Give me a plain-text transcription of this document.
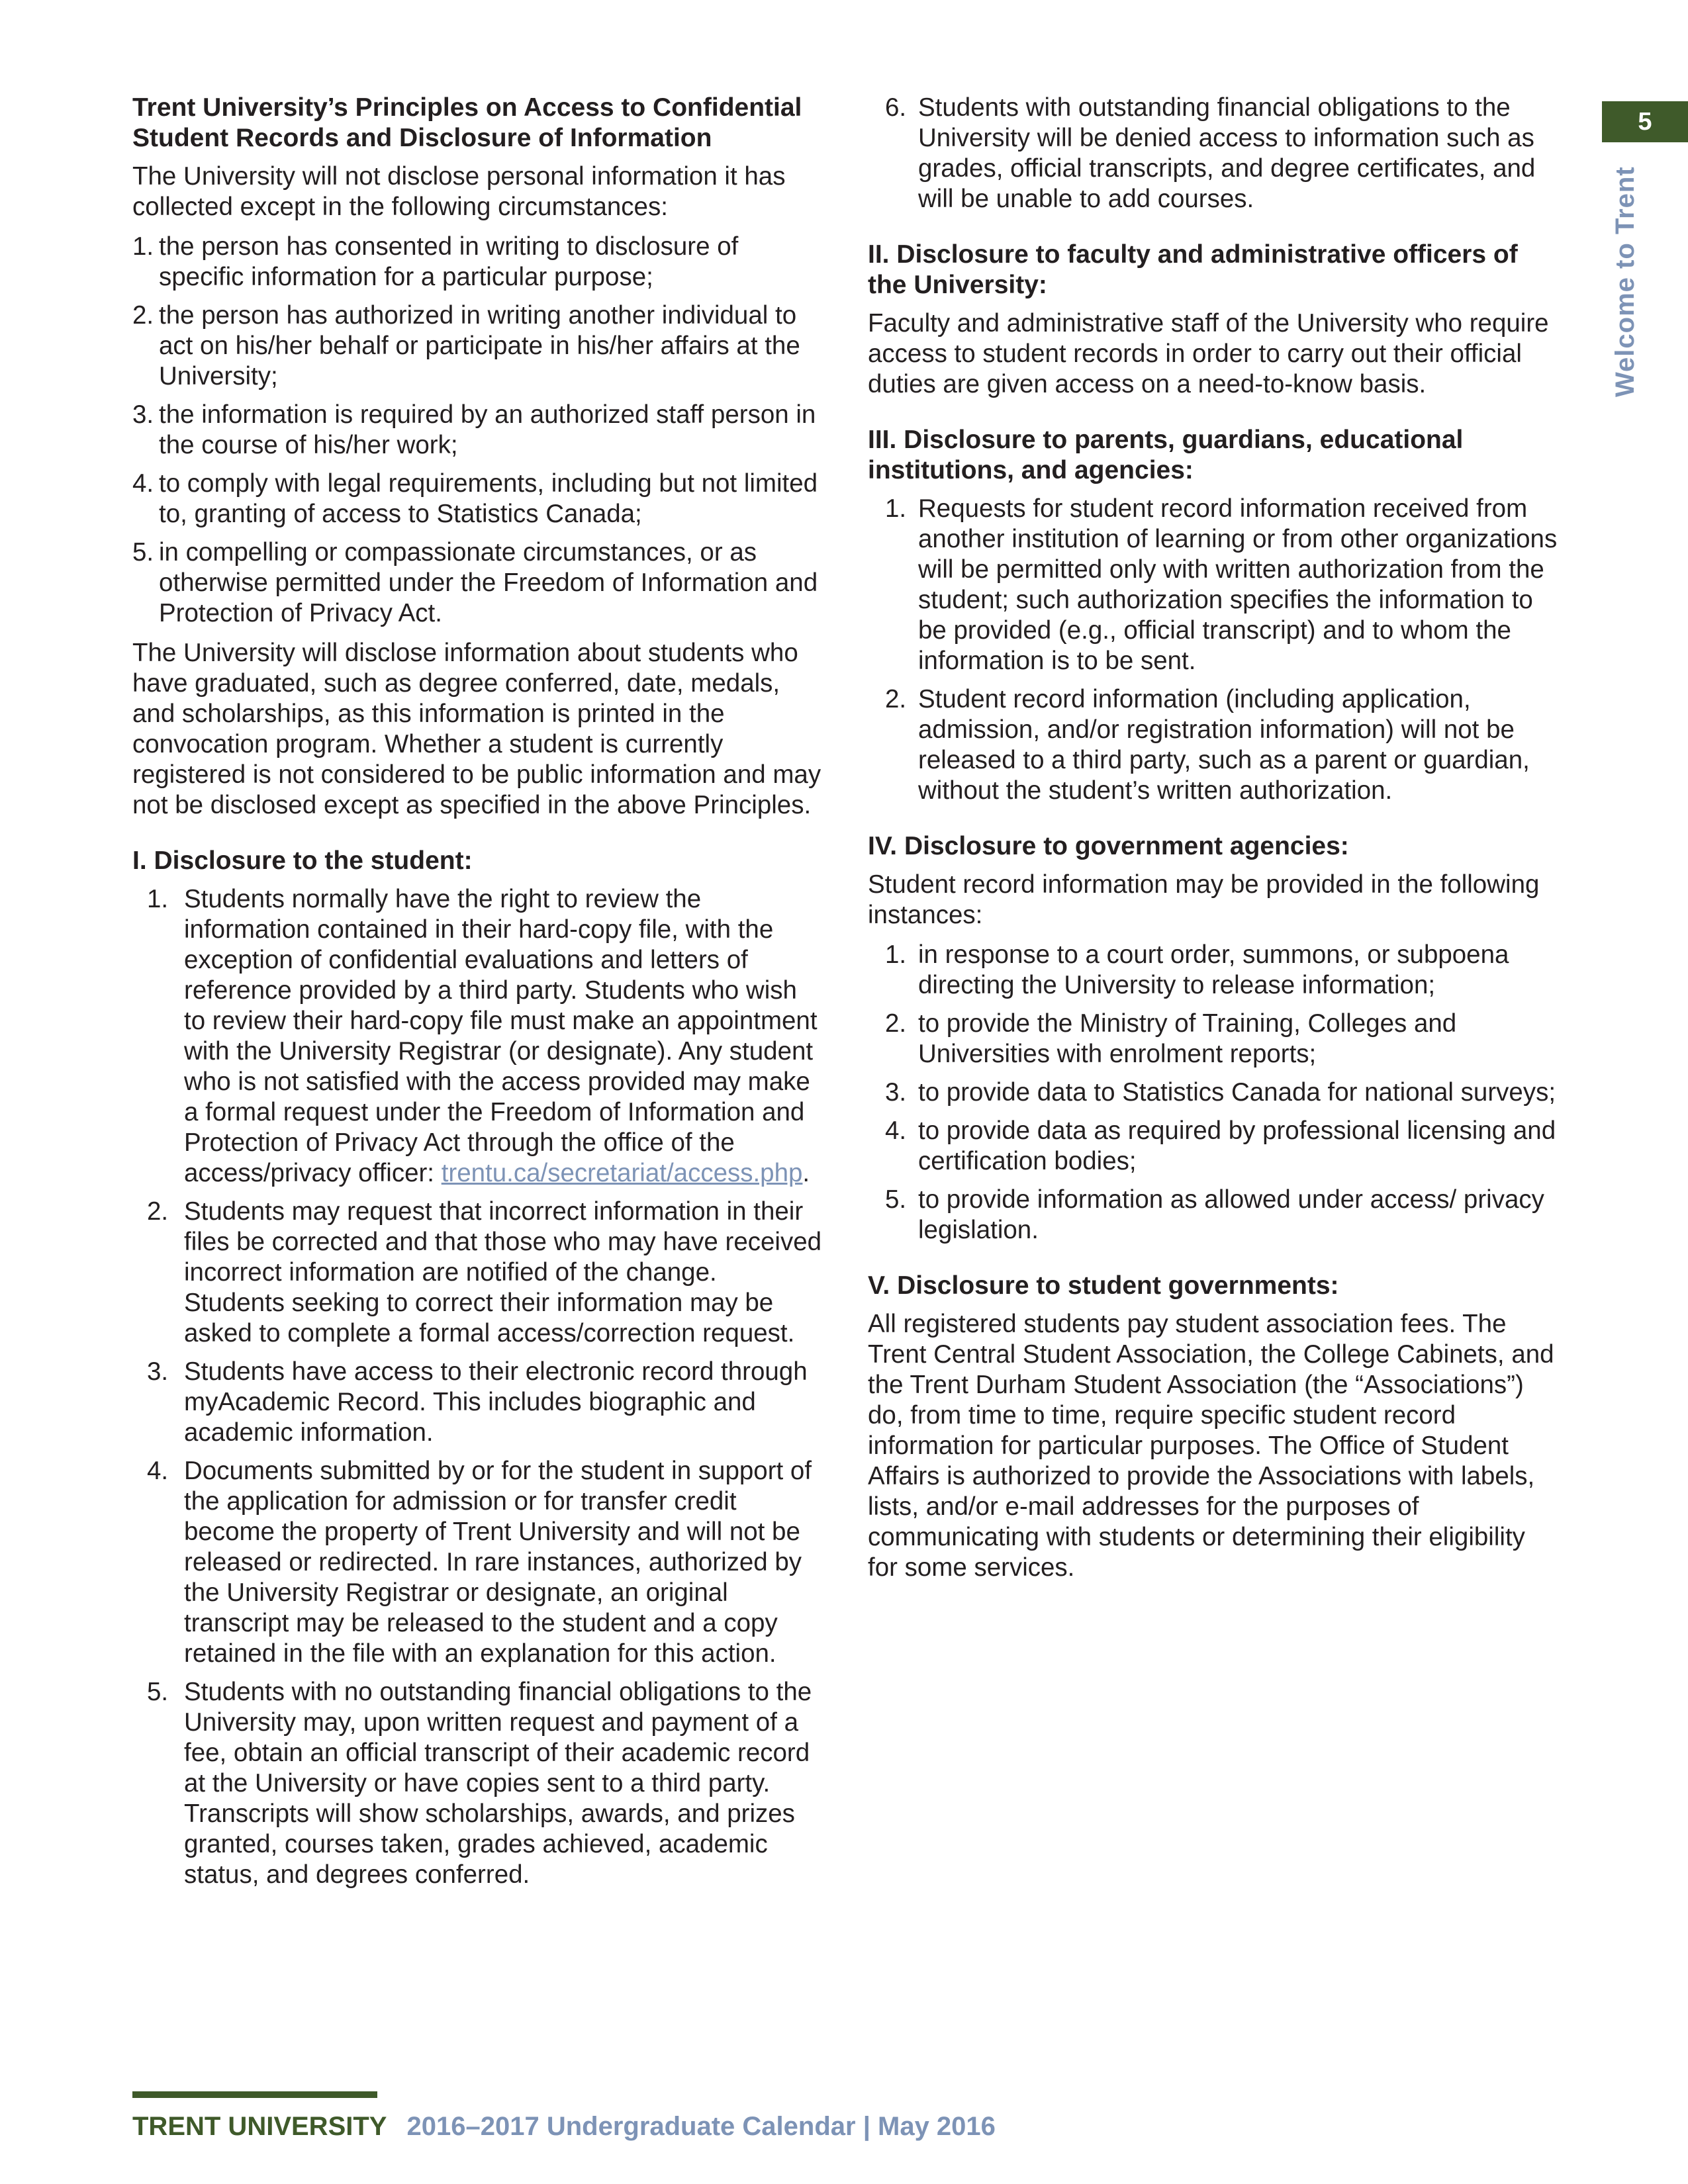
5
Welcome to Trent
Trent University’s Principles on Access to Confidential Student Records and Disclosure of Information

The University will not disclose personal information it has collected except in the following circumstances:

1. the person has consented in writing to disclosure of specific information for a particular purpose;
2. the person has authorized in writing another individual to act on his/her behalf or participate in his/her affairs at the University;
3. the information is required by an authorized staff person in the course of his/her work;
4. to comply with legal requirements, including but not limited to, granting of access to Statistics Canada;
5. in compelling or compassionate circumstances, or as otherwise permitted under the Freedom of Information and Protection of Privacy Act.

The University will disclose information about students who have graduated, such as degree conferred, date, medals, and scholarships, as this information is printed in the convocation program. Whether a student is currently registered is not considered to be public information and may not be disclosed except as specified in the above Principles.

I. Disclosure to the student:
1. Students normally have the right to review the information contained in their hard-copy file, with the exception of confidential evaluations and letters of reference provided by a third party. Students who wish to review their hard-copy file must make an appointment with the University Registrar (or designate). Any student who is not satisfied with the access provided may make a formal request under the Freedom of Information and Protection of Privacy Act through the office of the access/privacy officer: trentu.ca/secretariat/access.php.
2. Students may request that incorrect information in their files be corrected and that those who may have received incorrect information are notified of the change. Students seeking to correct their information may be asked to complete a formal access/correction request.
3. Students have access to their electronic record through myAcademic Record. This includes biographic and academic information.
4. Documents submitted by or for the student in support of the application for admission or for transfer credit become the property of Trent University and will not be released or redirected. In rare instances, authorized by the University Registrar or designate, an original transcript may be released to the student and a copy retained in the file with an explanation for this action.
5. Students with no outstanding financial obligations to the University may, upon written request and payment of a fee, obtain an official transcript of their academic record at the University or have copies sent to a third party. Transcripts will show scholarships, awards, and prizes granted, courses taken, grades achieved, academic status, and degrees conferred.
6. Students with outstanding financial obligations to the University will be denied access to information such as grades, official transcripts, and degree certificates, and will be unable to add courses.
II. Disclosure to faculty and administrative officers of the University:

Faculty and administrative staff of the University who require access to student records in order to carry out their official duties are given access on a need-to-know basis.

III. Disclosure to parents, guardians, educational institutions, and agencies:
1. Requests for student record information received from another institution of learning or from other organizations will be permitted only with written authorization from the student; such authorization specifies the information to be provided (e.g., official transcript) and to whom the information is to be sent.
2. Student record information (including application, admission, and/or registration information) will not be released to a third party, such as a parent or guardian, without the student’s written authorization.
IV. Disclosure to government agencies:

Student record information may be provided in the following instances:

1. in response to a court order, summons, or subpoena directing the University to release information;
2. to provide the Ministry of Training, Colleges and Universities with enrolment reports;
3. to provide data to Statistics Canada for national surveys;
4. to provide data as required by professional licensing and certification bodies;
5. to provide information as allowed under access/ privacy legislation.
V. Disclosure to student governments:

All registered students pay student association fees. The Trent Central Student Association, the College Cabinets, and the Trent Durham Student Association (the “Associations”) do, from time to time, require specific student record information for particular purposes. The Office of Student Affairs is authorized to provide the Associations with labels, lists, and/or e-mail addresses for the purposes of communicating with students or determining their eligibility for some services.

TRENT UNIVERSITY 2016–2017 Undergraduate Calendar | May 2016
